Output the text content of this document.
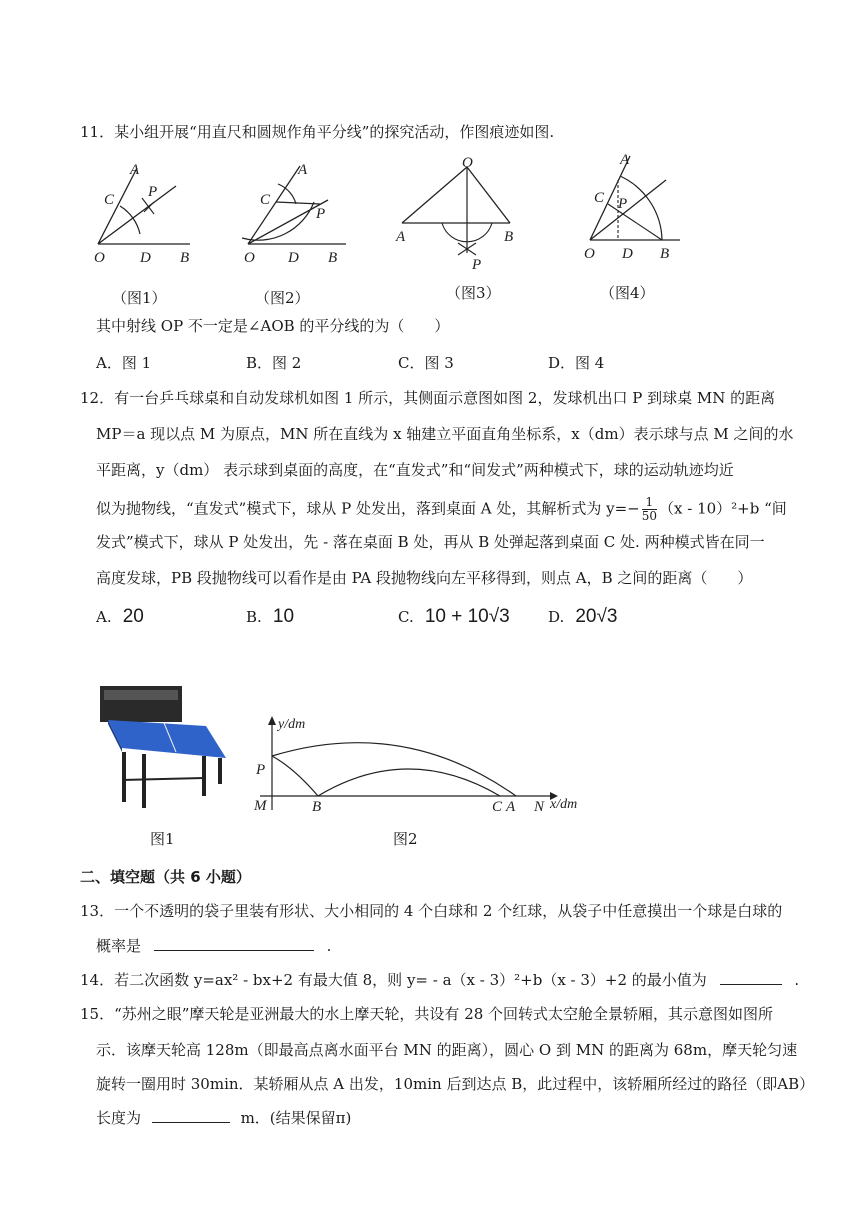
11．某小组开展“用直尺和圆规作角平分线”的探究活动，作图痕迹如图.
A
C P
O D B
A
C
P
O D B
O
A	B
P
A
C P
O D B
（图1）	（图2）	（图3）	（图4）
其中射线 OP 不一定是∠AOB 的平分线的为（　　）
A．图 1	B．图 2	C．图 3	D．图 4
12．有一台乒乓球桌和自动发球机如图 1 所示，其侧面示意图如图 2，发球机出口 P 到球桌 MN 的距离
MP＝a 现以点 M 为原点，MN 所在直线为 x 轴建立平面直角坐标系，x（dm）表示球与点 M 之间的水
平距离，y（dm） 表示球到桌面的高度，在“直发式”和“间发式”两种模式下，球的运动轨迹均近
似为抛物线，“直发式”模式下，球从 P 处发出，落到桌面 A 处，其解析式为 $y=- \frac{1}{50} (x - 10)^2+b$ “间
发式”模式下，球从 P 处发出，先 - 落在桌面 B 处，再从 B 处弹起落到桌面 C 处. 两种模式皆在同一
高度发球，PB 段抛物线可以看作是由 PA 段抛物线向左平移得到，则点 A，B 之间的距离（　　）
A. 20	B. 10	C. 10 + 10√3	D. 20√3
y/dm
P
M	B	C A N x/dm
图1	图2
二、填空题（共 6 小题）
13．一个不透明的袋子里装有形状、大小相同的 4 个白球和 2 个红球，从袋子中任意摸出一个球是白球的
概率是	.
14．若二次函数 y=ax² - bx+2 有最大值 8，则 y= - a（x - 3）²+b（x - 3）+2 的最小值为	.
15．“苏州之眼”摩天轮是亚洲最大的水上摩天轮，共设有 28 个回转式太空舱全景轿厢，其示意图如图所
示．该摩天轮高 128m（即最高点离水面平台 MN 的距离），圆心 O 到 MN 的距离为 68m，摩天轮匀速
旋转一圈用时 30min．某轿厢从点 A 出发，10min 后到达点 B，此过程中，该轿厢所经过的路径（即AB）
长度为	m．(结果保留π)
